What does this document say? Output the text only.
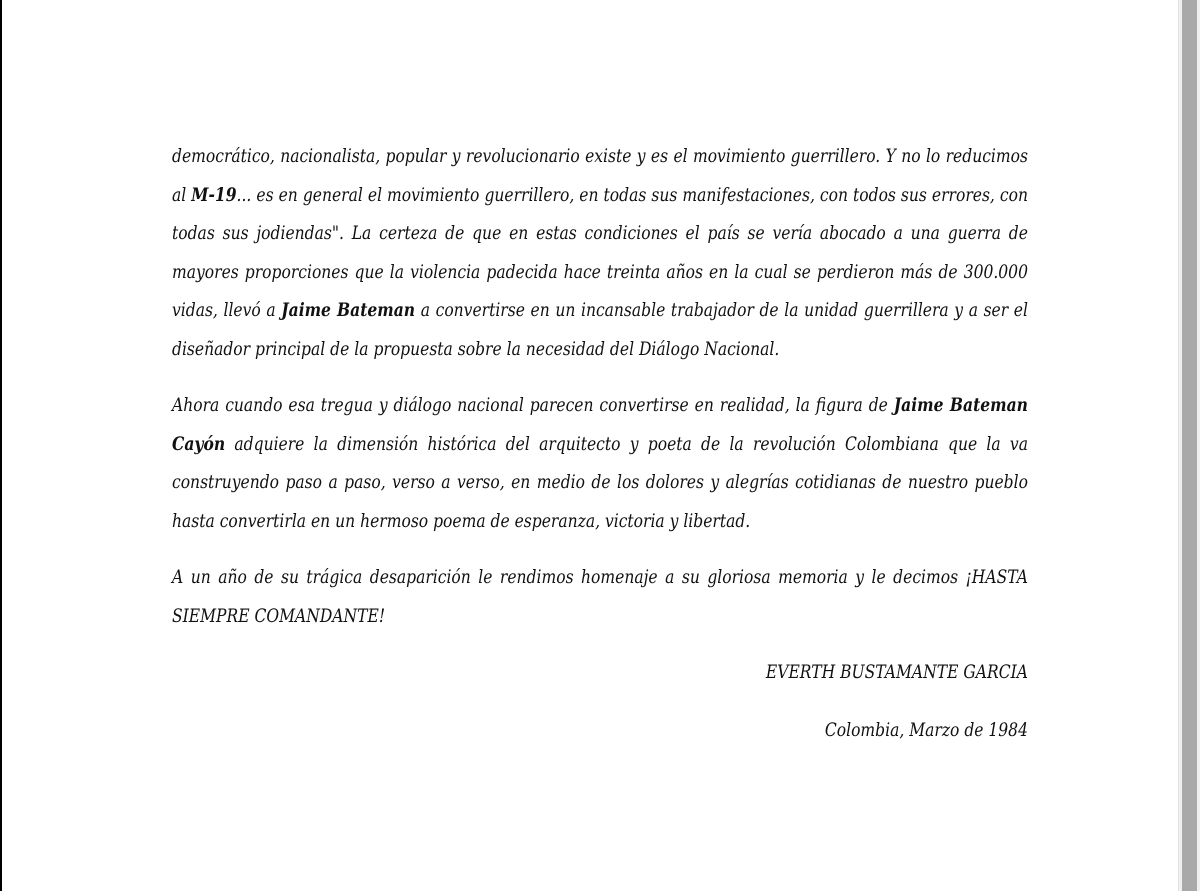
democrático, nacionalista, popular y revolucionario existe y es el movimiento guerrillero. Y no lo reducimos al M-19... es en general el movimiento guerrillero, en todas sus manifestaciones, con todos sus errores, con todas sus jodiendas". La certeza de que en estas condiciones el país se vería abocado a una guerra de mayores proporciones que la violencia padecida hace treinta años en la cual se perdieron más de 300.000 vidas, llevó a Jaime Bateman a convertirse en un incansable trabajador de la unidad guerrillera y a ser el diseñador principal de la propuesta sobre la necesidad del Diálogo Nacional.

Ahora cuando esa tregua y diálogo nacional parecen convertirse en realidad, la figura de Jaime Bateman Cayón adquiere la dimensión histórica del arquitecto y poeta de la revolución Colombiana que la va construyendo paso a paso, verso a verso, en medio de los dolores y alegrías cotidianas de nuestro pueblo hasta convertirla en un hermoso poema de esperanza, victoria y libertad.

A un año de su trágica desaparición le rendimos homenaje a su gloriosa memoria y le decimos ¡HASTA SIEMPRE COMANDANTE!

EVERTH BUSTAMANTE GARCIA

Colombia, Marzo de 1984
